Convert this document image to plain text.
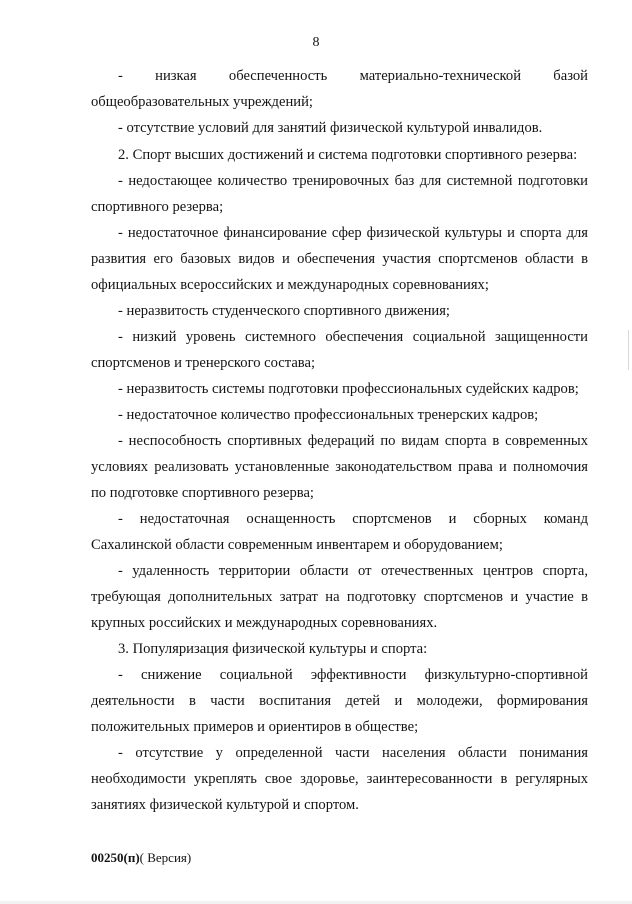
8
- низкая обеспеченность материально-технической базой
общеобразовательных учреждений;
- отсутствие условий для занятий физической культурой инвалидов.
2. Спорт высших достижений и система подготовки спортивного резерва:
- недостающее количество тренировочных баз для системной подготовки
спортивного резерва;
- недостаточное финансирование сфер физической культуры и спорта для
развития его базовых видов и обеспечения участия спортсменов области в
официальных всероссийских и международных соревнованиях;
- неразвитость студенческого спортивного движения;
- низкий уровень системного обеспечения социальной защищенности
спортсменов и тренерского состава;
- неразвитость системы подготовки профессиональных судейских кадров;
- недостаточное количество профессиональных тренерских кадров;
- неспособность спортивных федераций по видам спорта в современных
условиях реализовать установленные законодательством права и полномочия
по подготовке спортивного резерва;
- недостаточная оснащенность спортсменов и сборных команд
Сахалинской области современным инвентарем и оборудованием;
- удаленность территории области от отечественных центров спорта,
требующая дополнительных затрат на подготовку спортсменов и участие в
крупных российских и международных соревнованиях.
3. Популяризация физической культуры и спорта:
- снижение социальной эффективности физкультурно-спортивной
деятельности в части воспитания детей и молодежи, формирования
положительных примеров и ориентиров в обществе;
- отсутствие у определенной части населения области понимания
необходимости укреплять свое здоровье, заинтересованности в регулярных
занятиях физической культурой и спортом.
00250(п)( Версия)
